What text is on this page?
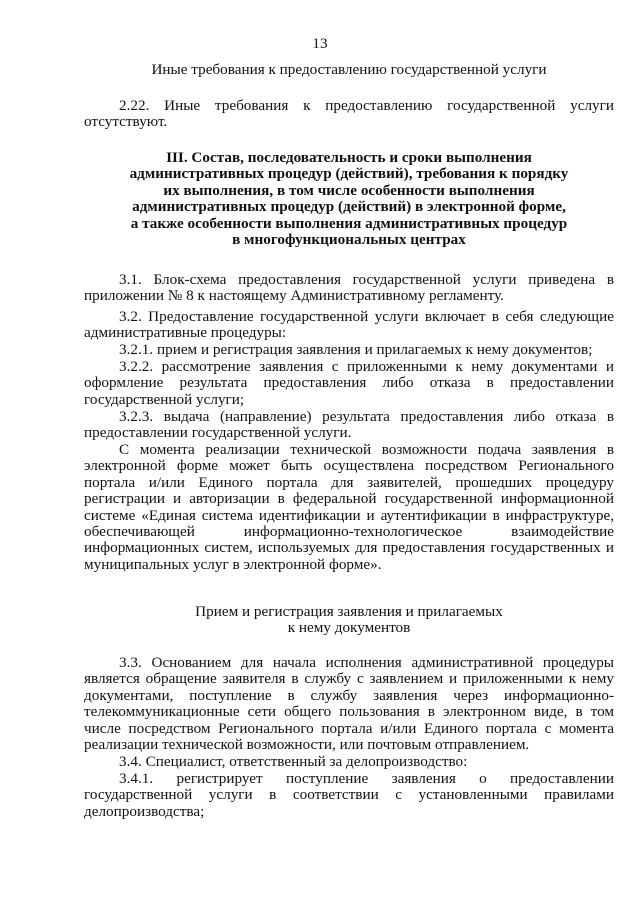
13
Иные требования к предоставлению государственной услуги
2.22. Иные требования к предоставлению государственной услуги отсутствуют.
III. Состав, последовательность и сроки выполнения
административных процедур (действий), требования к порядку
их выполнения, в том числе особенности выполнения
административных процедур (действий) в электронной форме,
а также особенности выполнения административных процедур
в многофункциональных центрах
3.1. Блок-схема предоставления государственной услуги приведена в приложении № 8 к настоящему Административному регламенту.
3.2. Предоставление государственной услуги включает в себя следующие административные процедуры:
3.2.1. прием и регистрация заявления и прилагаемых к нему документов;
3.2.2. рассмотрение заявления с приложенными к нему документами и оформление результата предоставления либо отказа в предоставлении государственной услуги;
3.2.3. выдача (направление) результата предоставления либо отказа в предоставлении государственной услуги.
С момента реализации технической возможности подача заявления в электронной форме может быть осуществлена посредством Регионального портала и/или Единого портала для заявителей, прошедших процедуру регистрации и авторизации в федеральной государственной информационной системе «Единая система идентификации и аутентификации в инфраструктуре, обеспечивающей информационно-технологическое взаимодействие информационных систем, используемых для предоставления государственных и муниципальных услуг в электронной форме».
Прием и регистрация заявления и прилагаемых
к нему документов
3.3. Основанием для начала исполнения административной процедуры является обращение заявителя в службу с заявлением и приложенными к нему документами, поступление в службу заявления через информационно-телекоммуникационные сети общего пользования в электронном виде, в том числе посредством Регионального портала и/или Единого портала с момента реализации технической возможности, или почтовым отправлением.
3.4. Специалист, ответственный за делопроизводство:
3.4.1. регистрирует поступление заявления о предоставлении государственной услуги в соответствии с установленными правилами делопроизводства;
